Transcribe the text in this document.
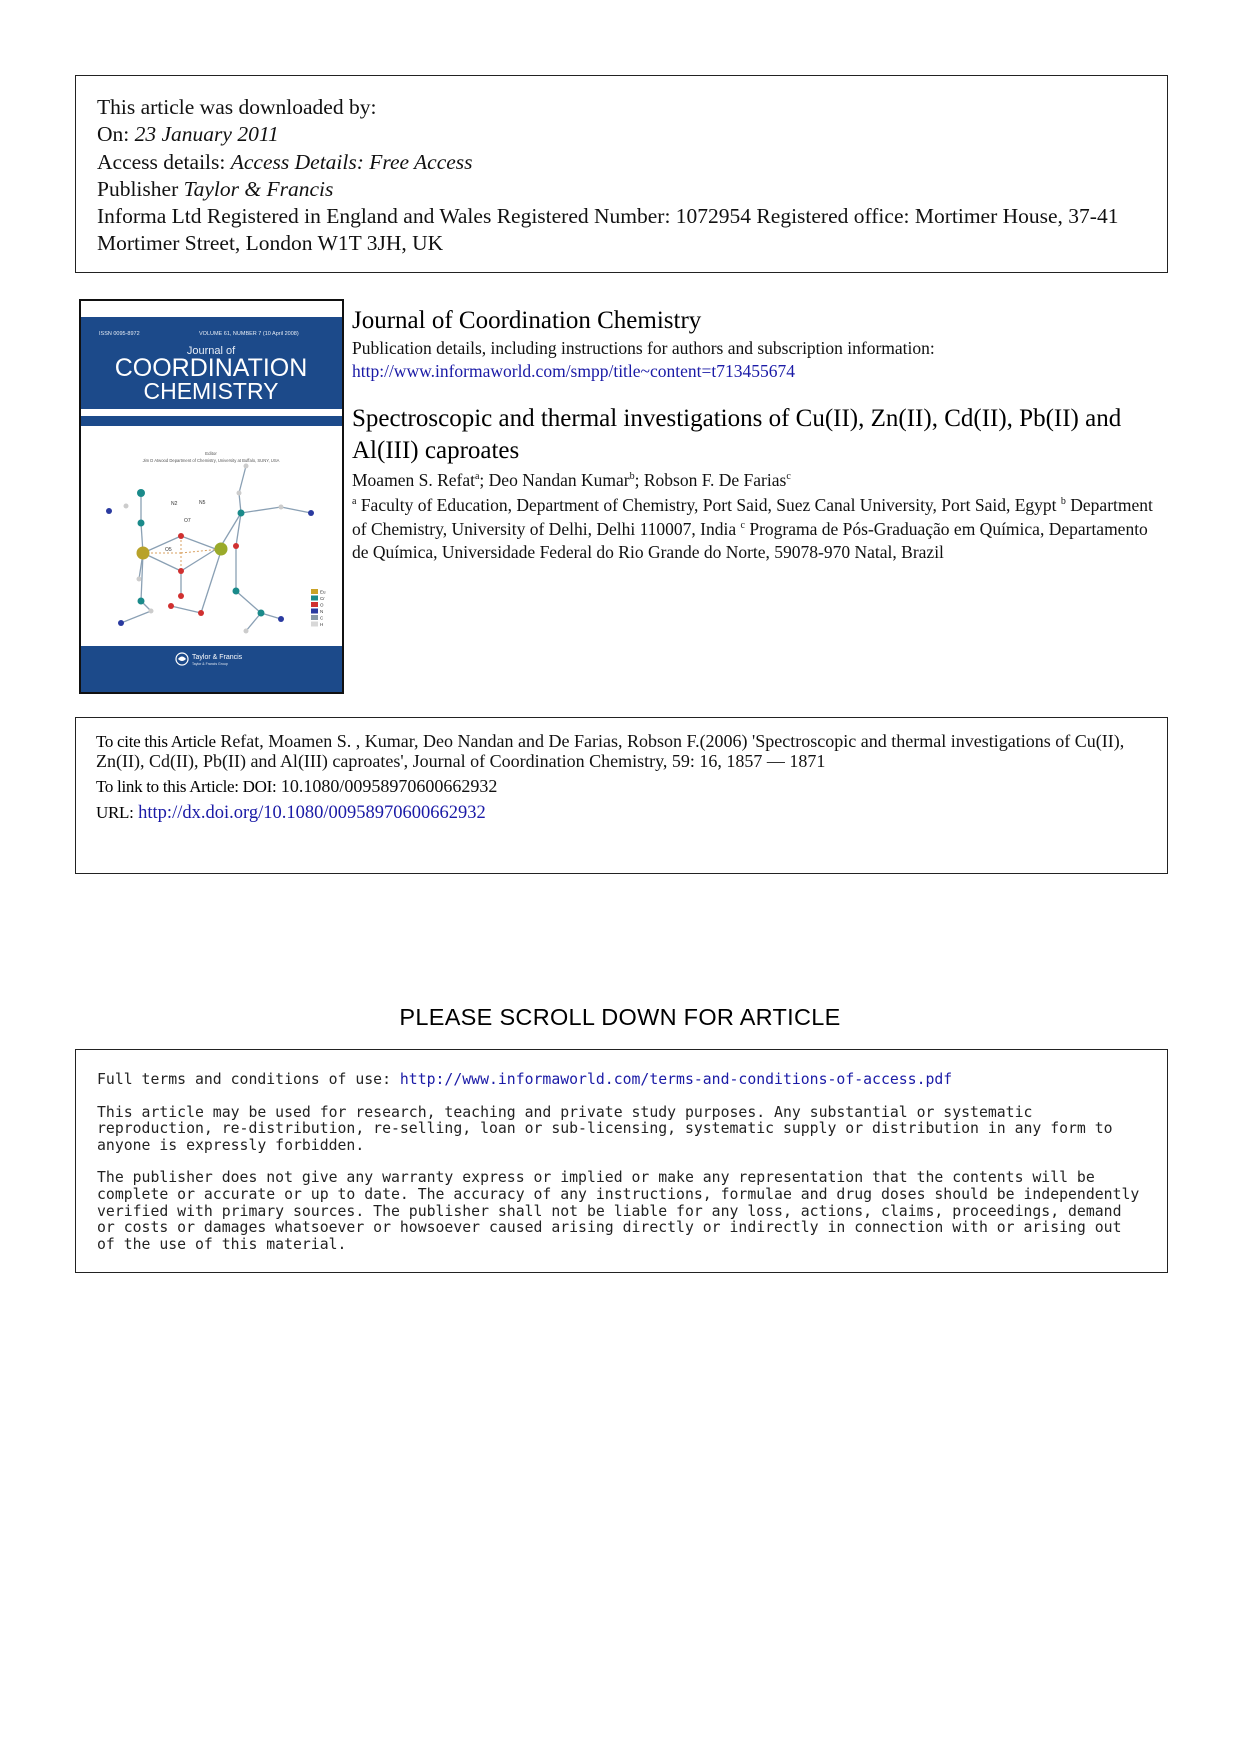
This article was downloaded by:
On: 23 January 2011
Access details: Access Details: Free Access
Publisher Taylor & Francis
Informa Ltd Registered in England and Wales Registered Number: 1072954 Registered office: Mortimer House, 37-41 Mortimer Street, London W1T 3JH, UK
ISSN 0095-8972	VOLUME 61, NUMBER 7 (10 April 2008)
Journal of
COORDINATION
CHEMISTRY
Editor
Jim D Atwood Department of Chemistry, University at Buffalo, SUNY, USA
N2	N5
O7
O5
Eu
Cr
O
N
C
H
Taylor & Francis
Taylor & Francis Group
Journal of Coordination Chemistry
Publication details, including instructions for authors and subscription information:
http://www.informaworld.com/smpp/title~content=t713455674
Spectroscopic and thermal investigations of Cu(II), Zn(II), Cd(II), Pb(II) and Al(III) caproates
Moamen S. Refat$^a$; Deo Nandan Kumar$^b$; Robson F. De Farias$^c$
$^a$ Faculty of Education, Department of Chemistry, Port Said, Suez Canal University, Port Said, Egypt $^b$ Department of Chemistry, University of Delhi, Delhi 110007, India $^c$ Programa de Pós-Graduação em Química, Departamento de Química, Universidade Federal do Rio Grande do Norte, 59078-970 Natal, Brazil
To cite this Article Refat, Moamen S. , Kumar, Deo Nandan and De Farias, Robson F.(2006) 'Spectroscopic and thermal investigations of Cu(II), Zn(II), Cd(II), Pb(II) and Al(III) caproates', Journal of Coordination Chemistry, 59: 16, 1857 — 1871
To link to this Article: DOI: 10.1080/00958970600662932
URL: http://dx.doi.org/10.1080/00958970600662932
PLEASE SCROLL DOWN FOR ARTICLE

Full terms and conditions of use: http://www.informaworld.com/terms-and-conditions-of-access.pdf

This article may be used for research, teaching and private study purposes. Any substantial or systematic reproduction, re-distribution, re-selling, loan or sub-licensing, systematic supply or distribution in any form to anyone is expressly forbidden.

The publisher does not give any warranty express or implied or make any representation that the contents will be complete or accurate or up to date. The accuracy of any instructions, formulae and drug doses should be independently verified with primary sources. The publisher shall not be liable for any loss, actions, claims, proceedings, demand or costs or damages whatsoever or howsoever caused arising directly or indirectly in connection with or arising out of the use of this material.
